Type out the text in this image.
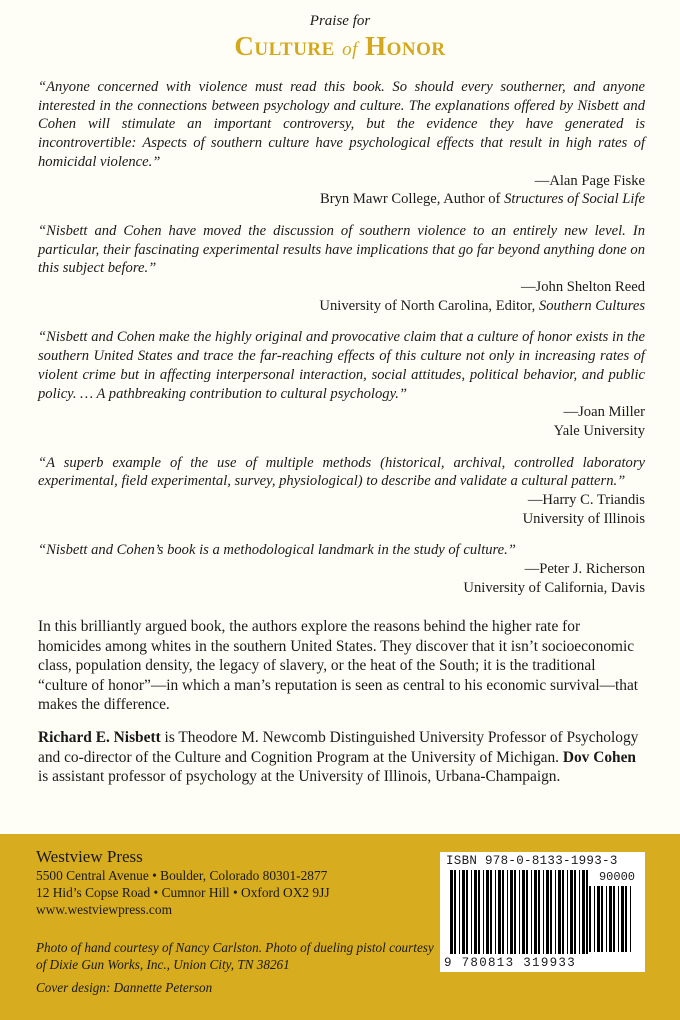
Praise for
Culture of Honor

“Anyone concerned with violence must read this book. So should every southerner, and anyone interested in the connections between psychology and culture. The explanations offered by Nisbett and Cohen will stimulate an important controversy, but the evidence they have generated is incontrovertible: Aspects of southern culture have psychological effects that result in high rates of homicidal violence.”

—Alan Page Fiske
Bryn Mawr College, Author of Structures of Social Life

“Nisbett and Cohen have moved the discussion of southern violence to an entirely new level. In particular, their fascinating experimental results have implications that go far beyond anything done on this subject before.”

—John Shelton Reed
University of North Carolina, Editor, Southern Cultures

“Nisbett and Cohen make the highly original and provocative claim that a culture of honor exists in the southern United States and trace the far-reaching effects of this culture not only in increasing rates of violent crime but in affecting interpersonal interaction, social attitudes, political behavior, and public policy. … A pathbreaking contribution to cultural psychology.”

—Joan Miller
Yale University

“A superb example of the use of multiple methods (historical, archival, controlled laboratory experimental, field experimental, survey, physiological) to describe and validate a cultural pattern.”

—Harry C. Triandis
University of Illinois

“Nisbett and Cohen’s book is a methodological landmark in the study of culture.”

—Peter J. Richerson
University of California, Davis

In this brilliantly argued book, the authors explore the reasons behind the higher rate for homicides among whites in the southern United States. They discover that it isn’t socioeconomic class, population density, the legacy of slavery, or the heat of the South; it is the traditional “culture of honor”—in which a man’s reputation is seen as central to his economic survival—that makes the difference.

Richard E. Nisbett is Theodore M. Newcomb Distinguished University Professor of Psychology and co-director of the Culture and Cognition Program at the University of Michigan. Dov Cohen is assistant professor of psychology at the University of Illinois, Urbana-Champaign.

Westview Press
5500 Central Avenue • Boulder, Colorado 80301-2877
12 Hid’s Copse Road • Cumnor Hill • Oxford OX2 9JJ
www.westviewpress.com
Photo of hand courtesy of Nancy Carlston. Photo of dueling pistol courtesy of Dixie Gun Works, Inc., Union City, TN 38261
Cover design: Dannette Peterson
ISBN 978-0-8133-1993-3
90000
9 780813 319933
